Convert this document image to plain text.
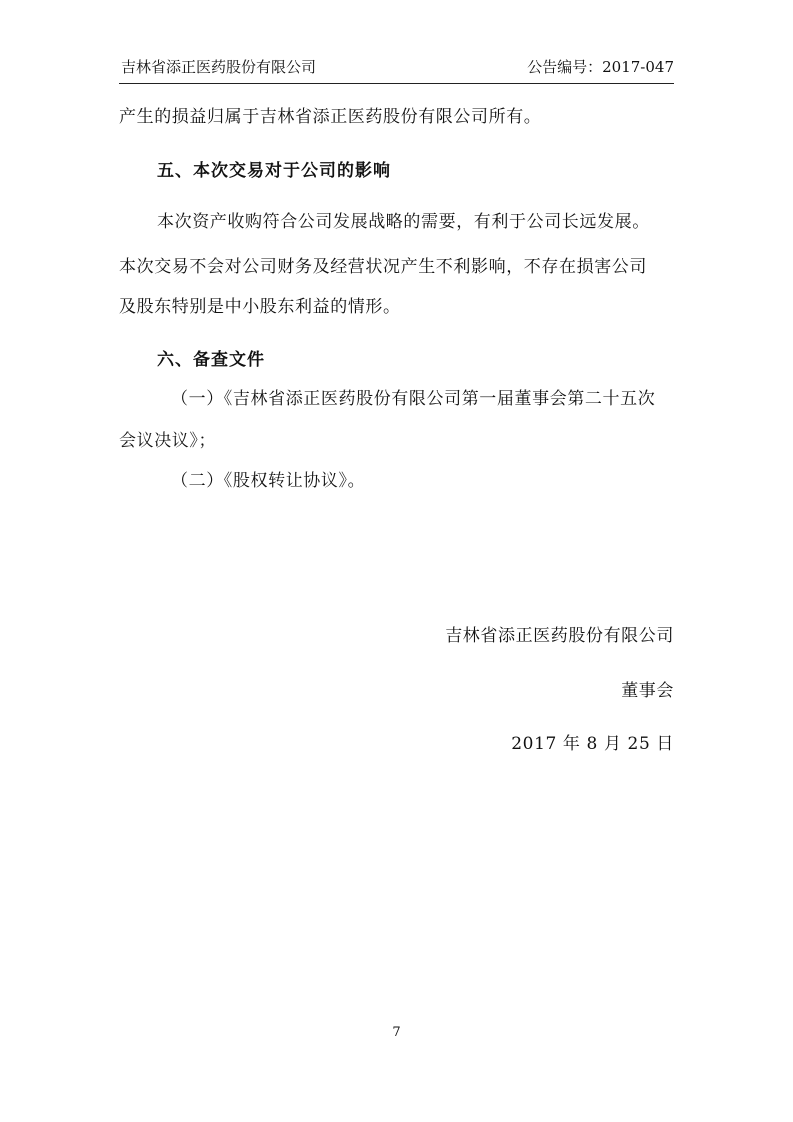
吉林省添正医药股份有限公司	公告编号：2017-047
产生的损益归属于吉林省添正医药股份有限公司所有。
五、本次交易对于公司的影响
本次资产收购符合公司发展战略的需要，有利于公司长远发展。
本次交易不会对公司财务及经营状况产生不利影响，不存在损害公司
及股东特别是中小股东利益的情形。
六、备查文件
（一）《吉林省添正医药股份有限公司第一届董事会第二十五次
会议决议》；
（二）《股权转让协议》。
吉林省添正医药股份有限公司
董事会
2017 年 8 月 25 日
7
